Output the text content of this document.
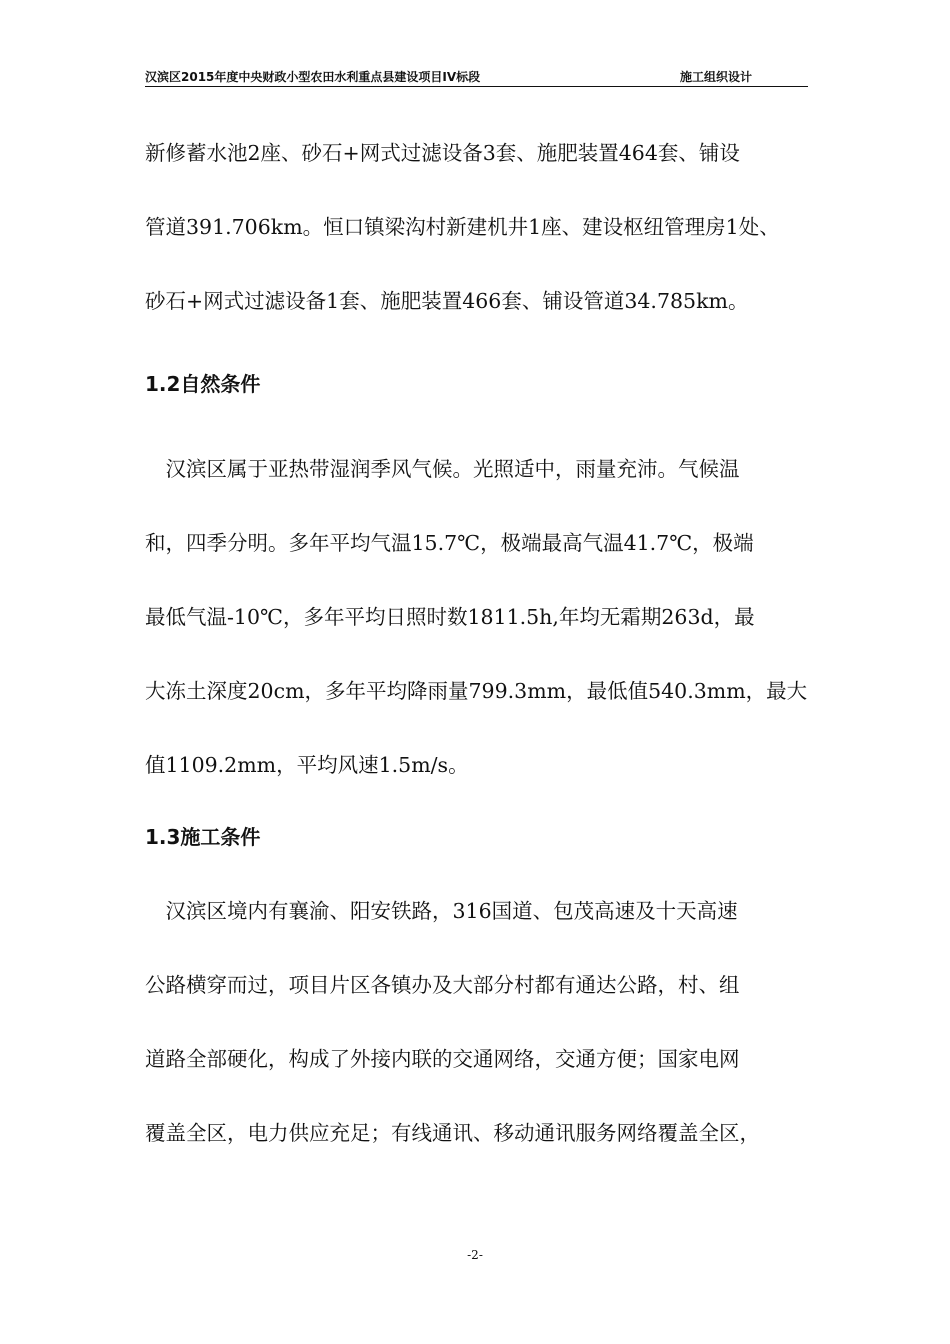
汉滨区2015年度中央财政小型农田水利重点县建设项目IV标段	施工组织设计
新修蓄水池2座、砂石+网式过滤设备3套、施肥装置464套、铺设
管道391.706km。恒口镇梁沟村新建机井1座、建设枢纽管理房1处、
砂石+网式过滤设备1套、施肥装置466套、铺设管道34.785km。
1.2自然条件
　汉滨区属于亚热带湿润季风气候。光照适中，雨量充沛。气候温
和，四季分明。多年平均气温15.7℃，极端最高气温41.7℃，极端
最低气温-10℃，多年平均日照时数1811.5h,年均无霜期263d，最
大冻土深度20cm，多年平均降雨量799.3mm，最低值540.3mm，最大
值1109.2mm，平均风速1.5m/s。
1.3施工条件
　汉滨区境内有襄渝、阳安铁路，316国道、包茂高速及十天高速
公路横穿而过，项目片区各镇办及大部分村都有通达公路，村、组
道路全部硬化，构成了外接内联的交通网络，交通方便；国家电网
覆盖全区，电力供应充足；有线通讯、移动通讯服务网络覆盖全区，
-2-
